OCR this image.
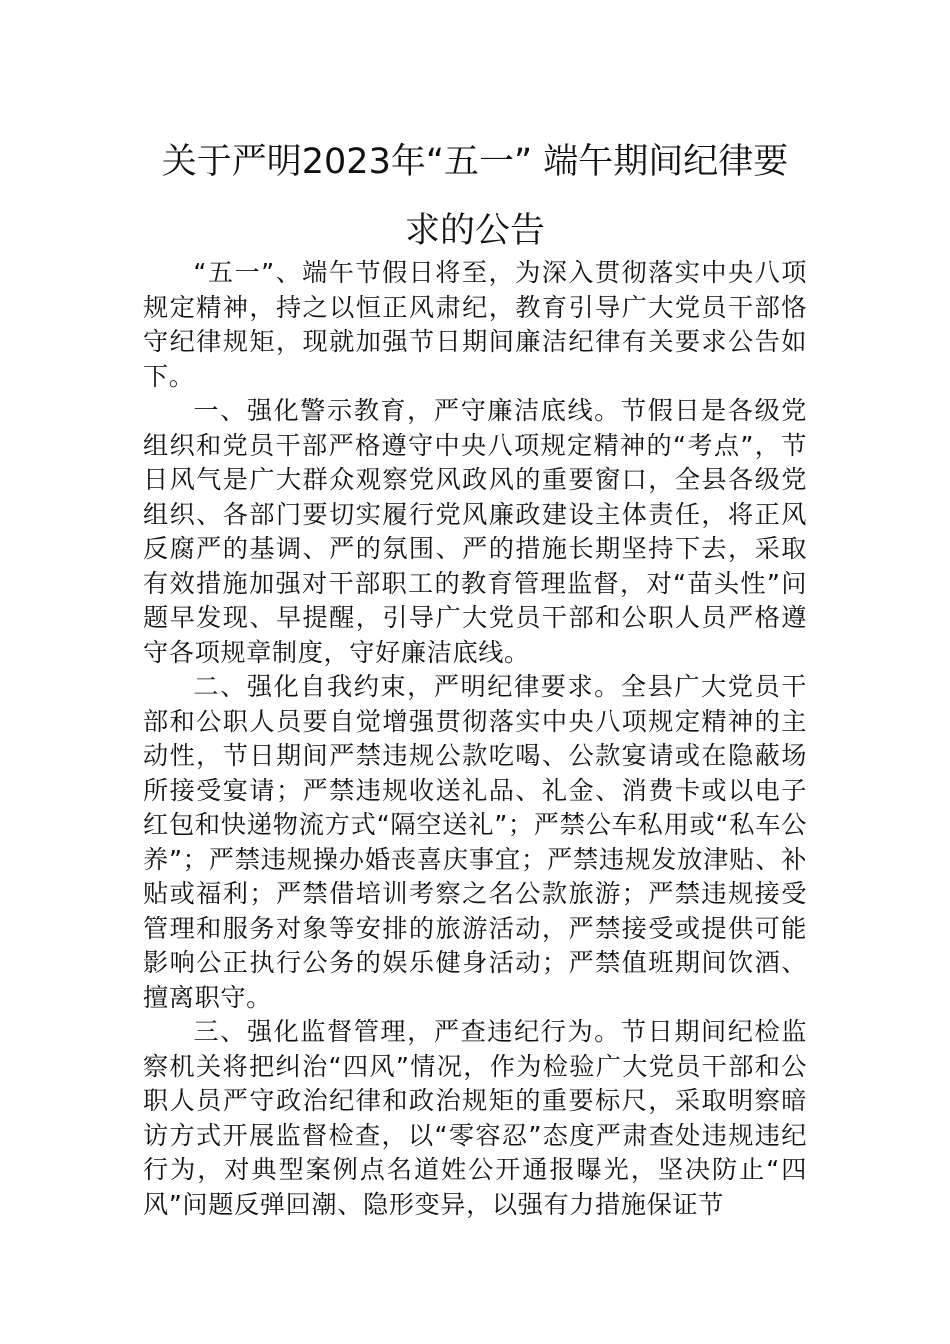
关于严明2023年“五一” 端午期间纪律要
求的公告

“五一”、端午节假日将至，为深入贯彻落实中央八项规定精神，持之以恒正风肃纪，教育引导广大党员干部恪守纪律规矩，现就加强节日期间廉洁纪律有关要求公告如下。

一、强化警示教育，严守廉洁底线。节假日是各级党组织和党员干部严格遵守中央八项规定精神的“考点”，节日风气是广大群众观察党风政风的重要窗口，全县各级党组织、各部门要切实履行党风廉政建设主体责任，将正风反腐严的基调、严的氛围、严的措施长期坚持下去，采取有效措施加强对干部职工的教育管理监督，对“苗头性”问题早发现、早提醒，引导广大党员干部和公职人员严格遵守各项规章制度，守好廉洁底线。

二、强化自我约束，严明纪律要求。全县广大党员干部和公职人员要自觉增强贯彻落实中央八项规定精神的主动性，节日期间严禁违规公款吃喝、公款宴请或在隐蔽场所接受宴请；严禁违规收送礼品、礼金、消费卡或以电子红包和快递物流方式“隔空送礼”；严禁公车私用或“私车公养”；严禁违规操办婚丧喜庆事宜；严禁违规发放津贴、补贴或福利；严禁借培训考察之名公款旅游；严禁违规接受管理和服务对象等安排的旅游活动，严禁接受或提供可能影响公正执行公务的娱乐健身活动；严禁值班期间饮酒、擅离职守。

三、强化监督管理，严查违纪行为。节日期间纪检监察机关将把纠治“四风”情况，作为检验广大党员干部和公职人员严守政治纪律和政治规矩的重要标尺，采取明察暗访方式开展监督检查，以“零容忍”态度严肃查处违规违纪行为，对典型案例点名道姓公开通报曝光，坚决防止“四风”问题反弹回潮、隐形变异，以强有力措施保证节
